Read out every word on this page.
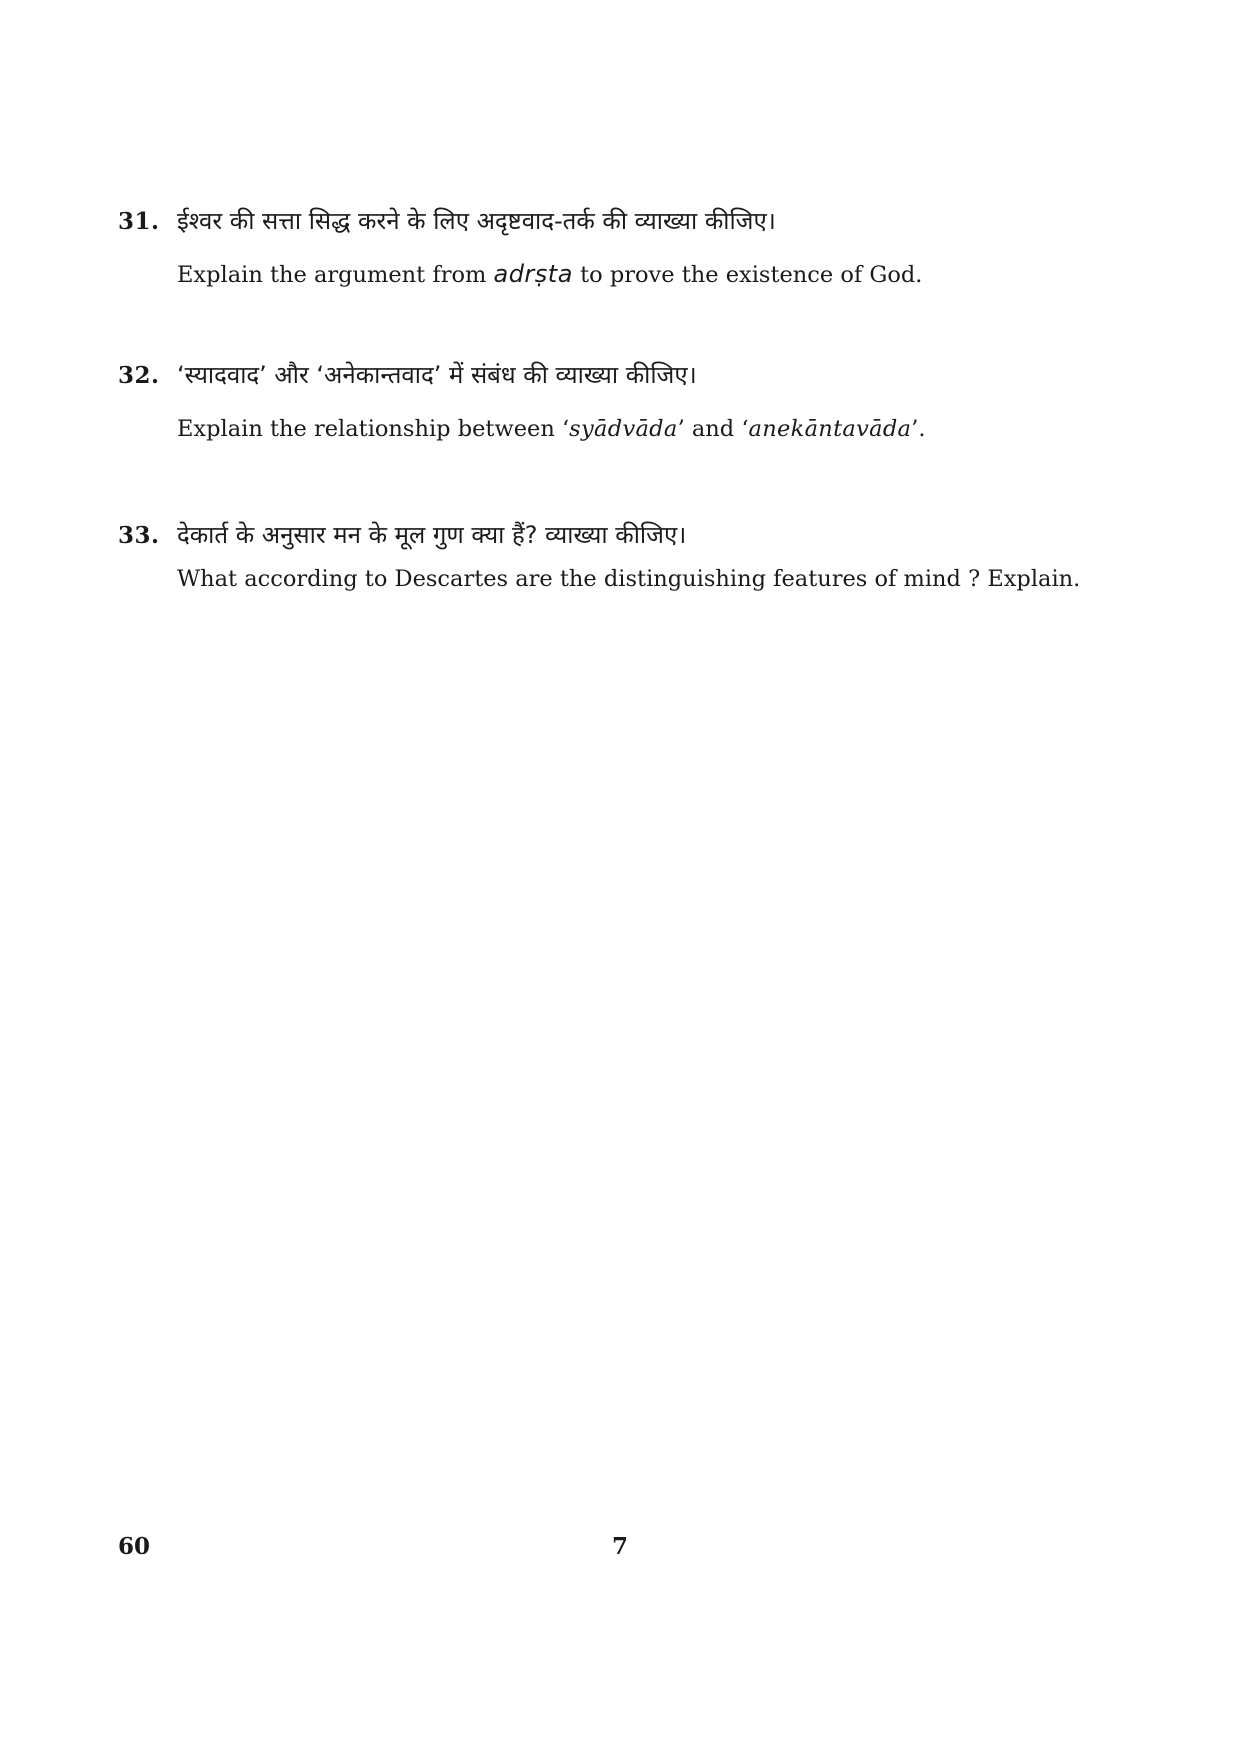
31. ईश्वर की सत्ता सिद्ध करने के लिए अदृष्टवाद-तर्क की व्याख्या कीजिए।
Explain the argument from adrṣta to prove the existence of God.
32. ‘स्यादवाद’ और ‘अनेकान्तवाद’ में संबंध की व्याख्या कीजिए।
Explain the relationship between ‘syādvāda’ and ‘anekāntavāda’.
33. देकार्त के अनुसार मन के मूल गुण क्या हैं? व्याख्या कीजिए।
What according to Descartes are the distinguishing features of mind ? Explain.
60	7
